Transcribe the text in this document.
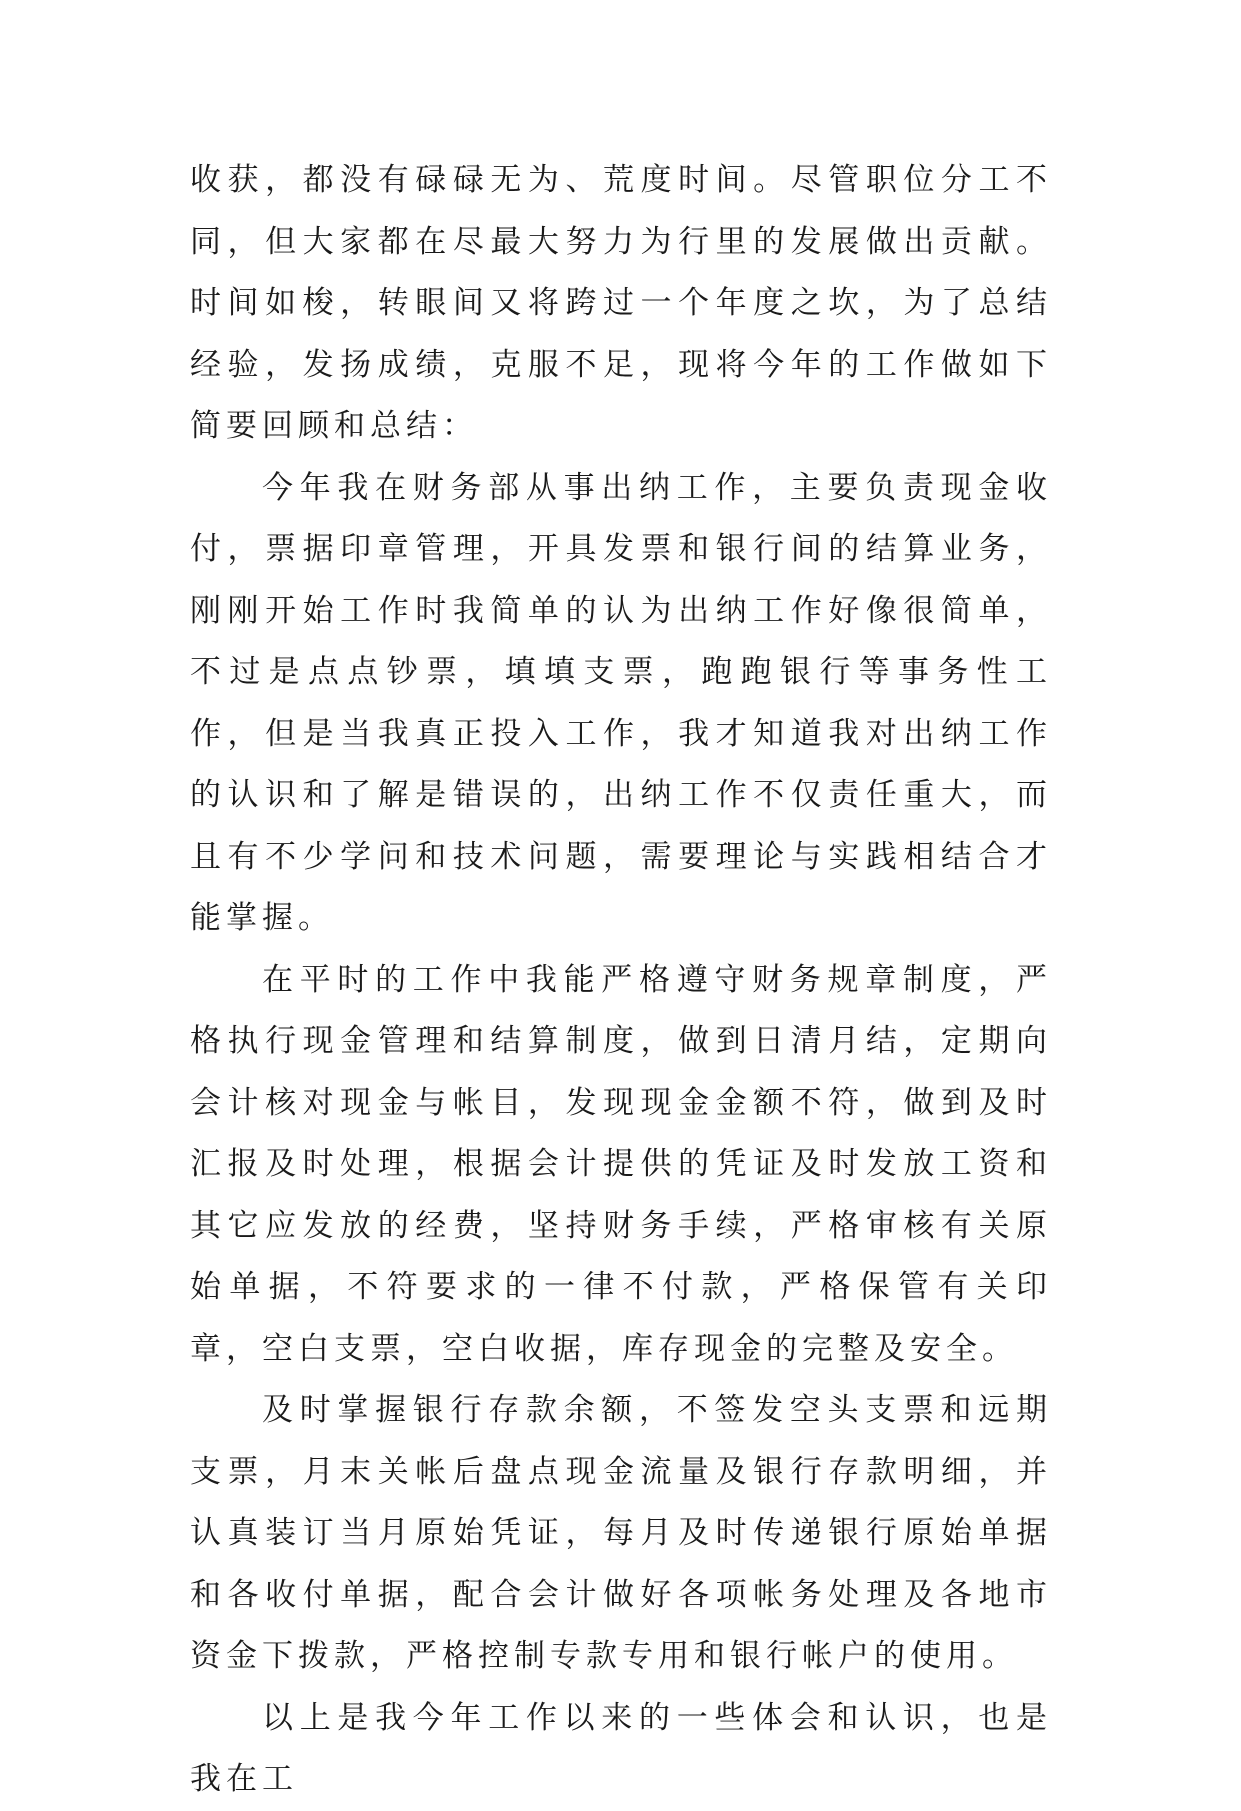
收获，都没有碌碌无为、荒度时间。尽管职位分工不同，但大家都在尽最大努力为行里的发展做出贡献。时间如梭，转眼间又将跨过一个年度之坎，为了总结经验，发扬成绩，克服不足，现将今年的工作做如下简要回顾和总结：

今年我在财务部从事出纳工作，主要负责现金收付，票据印章管理，开具发票和银行间的结算业务，刚刚开始工作时我简单的认为出纳工作好像很简单，不过是点点钞票，填填支票，跑跑银行等事务性工作，但是当我真正投入工作，我才知道我对出纳工作的认识和了解是错误的，出纳工作不仅责任重大，而且有不少学问和技术问题，需要理论与实践相结合才能掌握。

在平时的工作中我能严格遵守财务规章制度，严格执行现金管理和结算制度，做到日清月结，定期向会计核对现金与帐目，发现现金金额不符，做到及时汇报及时处理，根据会计提供的凭证及时发放工资和其它应发放的经费，坚持财务手续，严格审核有关原始单据，不符要求的一律不付款，严格保管有关印章，空白支票，空白收据，库存现金的完整及安全。

及时掌握银行存款余额，不签发空头支票和远期支票，月末关帐后盘点现金流量及银行存款明细，并认真装订当月原始凭证，每月及时传递银行原始单据和各收付单据，配合会计做好各项帐务处理及各地市资金下拨款，严格控制专款专用和银行帐户的使用。

以上是我今年工作以来的一些体会和认识，也是我在工
